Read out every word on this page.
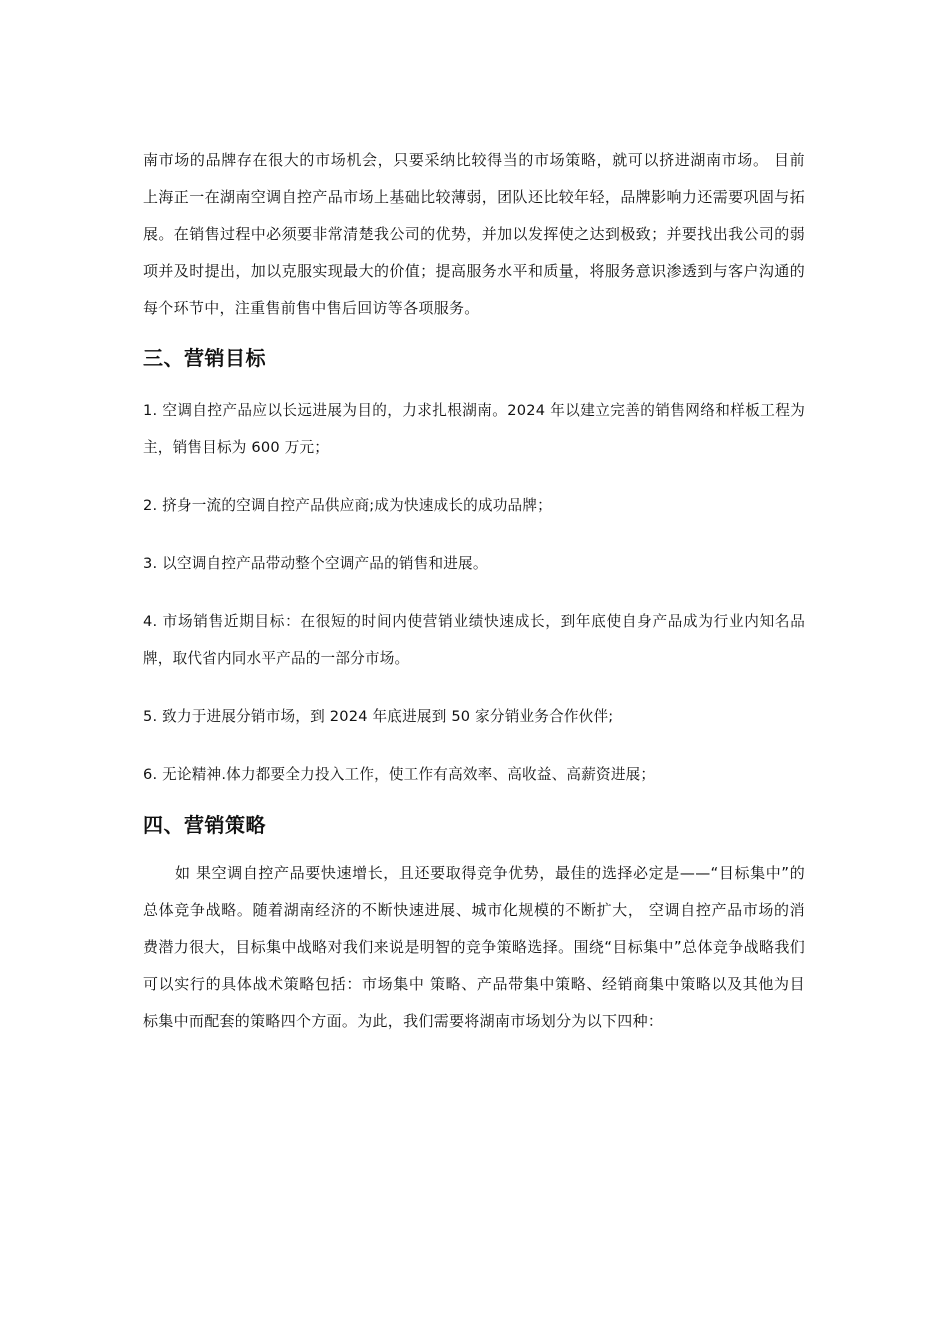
南市场的品牌存在很大的市场机会，只要采纳比较得当的市场策略，就可以挤进湖南市场。 目前上海正一在湖南空调自控产品市场上基础比较薄弱，团队还比较年轻，品牌影响力还需要巩固与拓展。在销售过程中必须要非常清楚我公司的优势，并加以发挥使之达到极致；并要找出我公司的弱项并及时提出，加以克服实现最大的价值；提高服务水平和质量，将服务意识渗透到与客户沟通的每个环节中，注重售前售中售后回访等各项服务。

三、营销目标

1. 空调自控产品应以长远进展为目的，力求扎根湖南。2024 年以建立完善的销售网络和样板工程为主，销售目标为 600 万元；

2. 挤身一流的空调自控产品供应商;成为快速成长的成功品牌；

3. 以空调自控产品带动整个空调产品的销售和进展。

4. 市场销售近期目标：在很短的时间内使营销业绩快速成长，到年底使自身产品成为行业内知名品牌，取代省内同水平产品的一部分市场。

5. 致力于进展分销市场，到 2024 年底进展到 50 家分销业务合作伙伴;

6. 无论精神.体力都要全力投入工作，使工作有高效率、高收益、高薪资进展；

四、营销策略

如 果空调自控产品要快速增长，且还要取得竞争优势，最佳的选择必定是——“目标集中”的总体竞争战略。随着湖南经济的不断快速进展、城市化规模的不断扩大， 空调自控产品市场的消费潜力很大，目标集中战略对我们来说是明智的竞争策略选择。围绕“目标集中”总体竞争战略我们可以实行的具体战术策略包括：市场集中 策略、产品带集中策略、经销商集中策略以及其他为目标集中而配套的策略四个方面。为此，我们需要将湖南市场划分为以下四种：
